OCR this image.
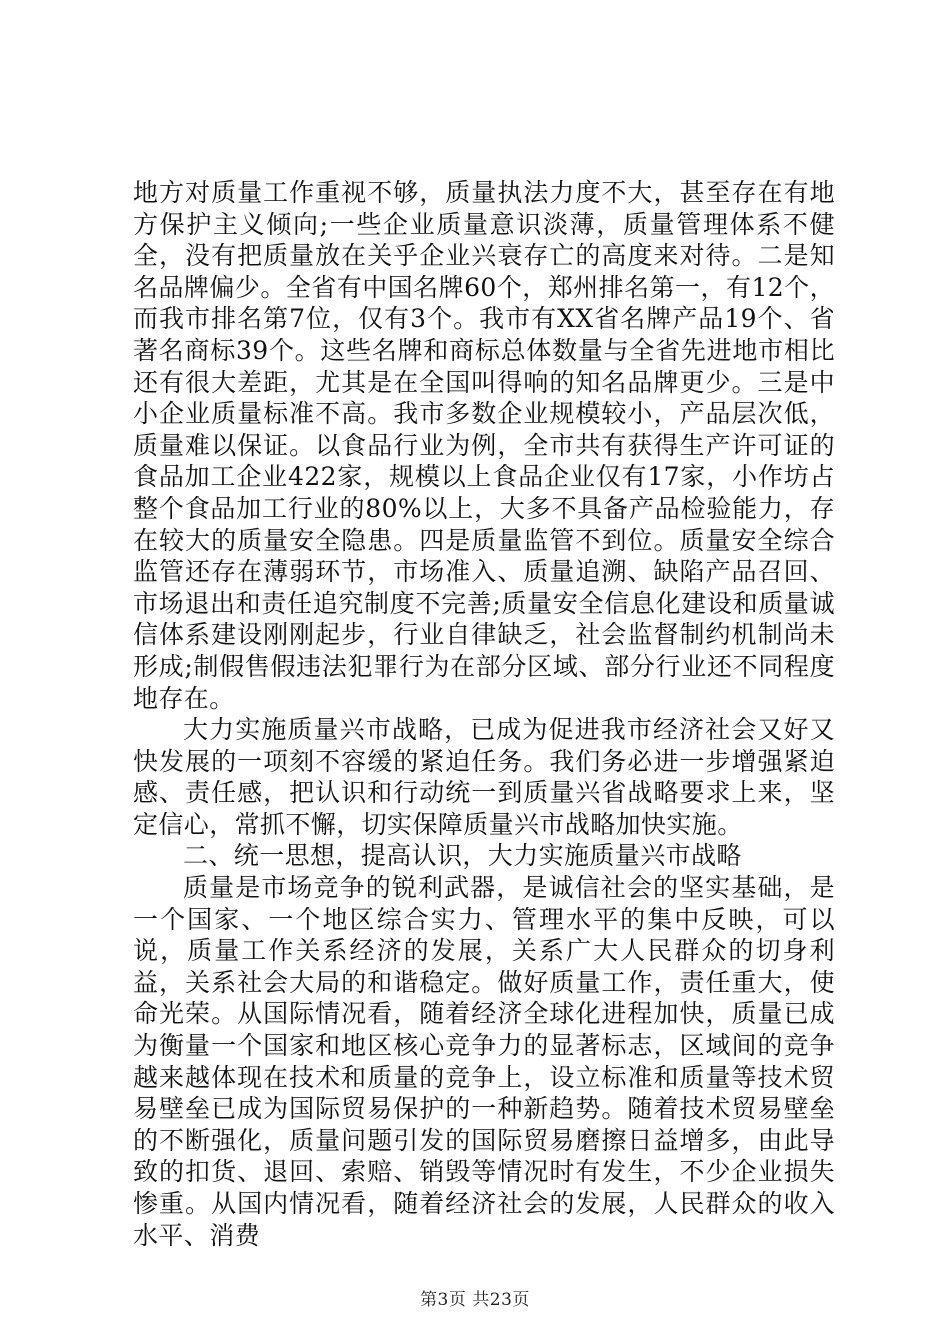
地方对质量工作重视不够，质量执法力度不大，甚至存在有地方保护主义倾向;一些企业质量意识淡薄，质量管理体系不健全，没有把质量放在关乎企业兴衰存亡的高度来对待。二是知名品牌偏少。全省有中国名牌60个，郑州排名第一，有12个，而我市排名第7位，仅有3个。我市有XX省名牌产品19个、省著名商标39个。这些名牌和商标总体数量与全省先进地市相比还有很大差距，尤其是在全国叫得响的知名品牌更少。三是中小企业质量标准不高。我市多数企业规模较小，产品层次低，质量难以保证。以食品行业为例，全市共有获得生产许可证的食品加工企业422家，规模以上食品企业仅有17家，小作坊占整个食品加工行业的80%以上，大多不具备产品检验能力，存在较大的质量安全隐患。四是质量监管不到位。质量安全综合监管还存在薄弱环节，市场准入、质量追溯、缺陷产品召回、市场退出和责任追究制度不完善;质量安全信息化建设和质量诚信体系建设刚刚起步，行业自律缺乏，社会监督制约机制尚未形成;制假售假违法犯罪行为在部分区域、部分行业还不同程度地存在。

大力实施质量兴市战略，已成为促进我市经济社会又好又快发展的一项刻不容缓的紧迫任务。我们务必进一步增强紧迫感、责任感，把认识和行动统一到质量兴省战略要求上来，坚定信心，常抓不懈，切实保障质量兴市战略加快实施。

二、统一思想，提高认识，大力实施质量兴市战略

质量是市场竞争的锐利武器，是诚信社会的坚实基础，是一个国家、一个地区综合实力、管理水平的集中反映，可以说，质量工作关系经济的发展，关系广大人民群众的切身利益，关系社会大局的和谐稳定。做好质量工作，责任重大，使命光荣。从国际情况看，随着经济全球化进程加快，质量已成为衡量一个国家和地区核心竞争力的显著标志，区域间的竞争越来越体现在技术和质量的竞争上，设立标准和质量等技术贸易壁垒已成为国际贸易保护的一种新趋势。随着技术贸易壁垒的不断强化，质量问题引发的国际贸易磨擦日益增多，由此导致的扣货、退回、索赔、销毁等情况时有发生，不少企业损失惨重。从国内情况看，随着经济社会的发展，人民群众的收入水平、消费

第3页 共23页
